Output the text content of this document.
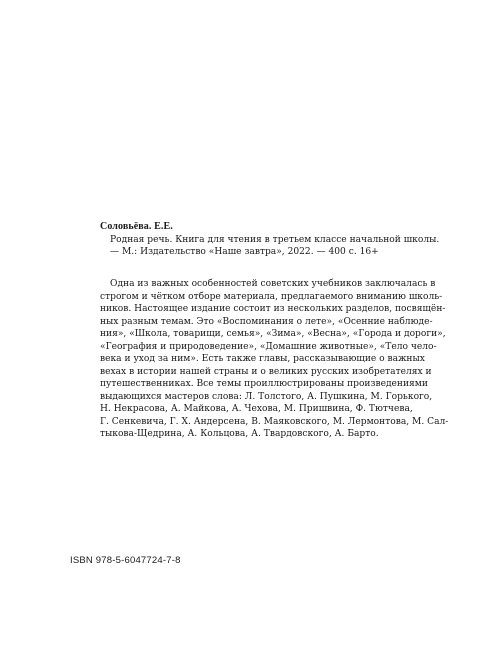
Соловьёва. Е.Е.
Родная речь. Книга для чтения в третьем классе начальной школы.
— М.: Издательство «Наше завтра», 2022. — 400 с. 16+
Одна из важных особенностей советских учебников заключалась в
строгом и чётком отборе материала, предлагаемого вниманию школь-
ников. Настоящее издание состоит из нескольких разделов, посвящён-
ных разным темам. Это «Воспоминания о лете», «Осенние наблюде-
ния», «Школа, товарищи, семья», «Зима», «Весна», «Города и дороги»,
«География и природоведение», «Домашние животные», «Тело чело-
века и уход за ним». Есть также главы, рассказывающие о важных
вехах в истории нашей страны и о великих русских изобретателях и
путешественниках. Все темы проиллюстрированы произведениями
выдающихся мастеров слова: Л. Толстого, А. Пушкина, М. Горького,
Н. Некрасова, А. Майкова, А. Чехова, М. Пришвина, Ф. Тютчева,
Г. Сенкевича, Г. Х. Андерсена, В. Маяковского, М. Лермонтова, М. Сал-
тыкова-Щедрина, А. Кольцова, А. Твардовского, А. Барто.
ISBN 978-5-6047724-7-8
